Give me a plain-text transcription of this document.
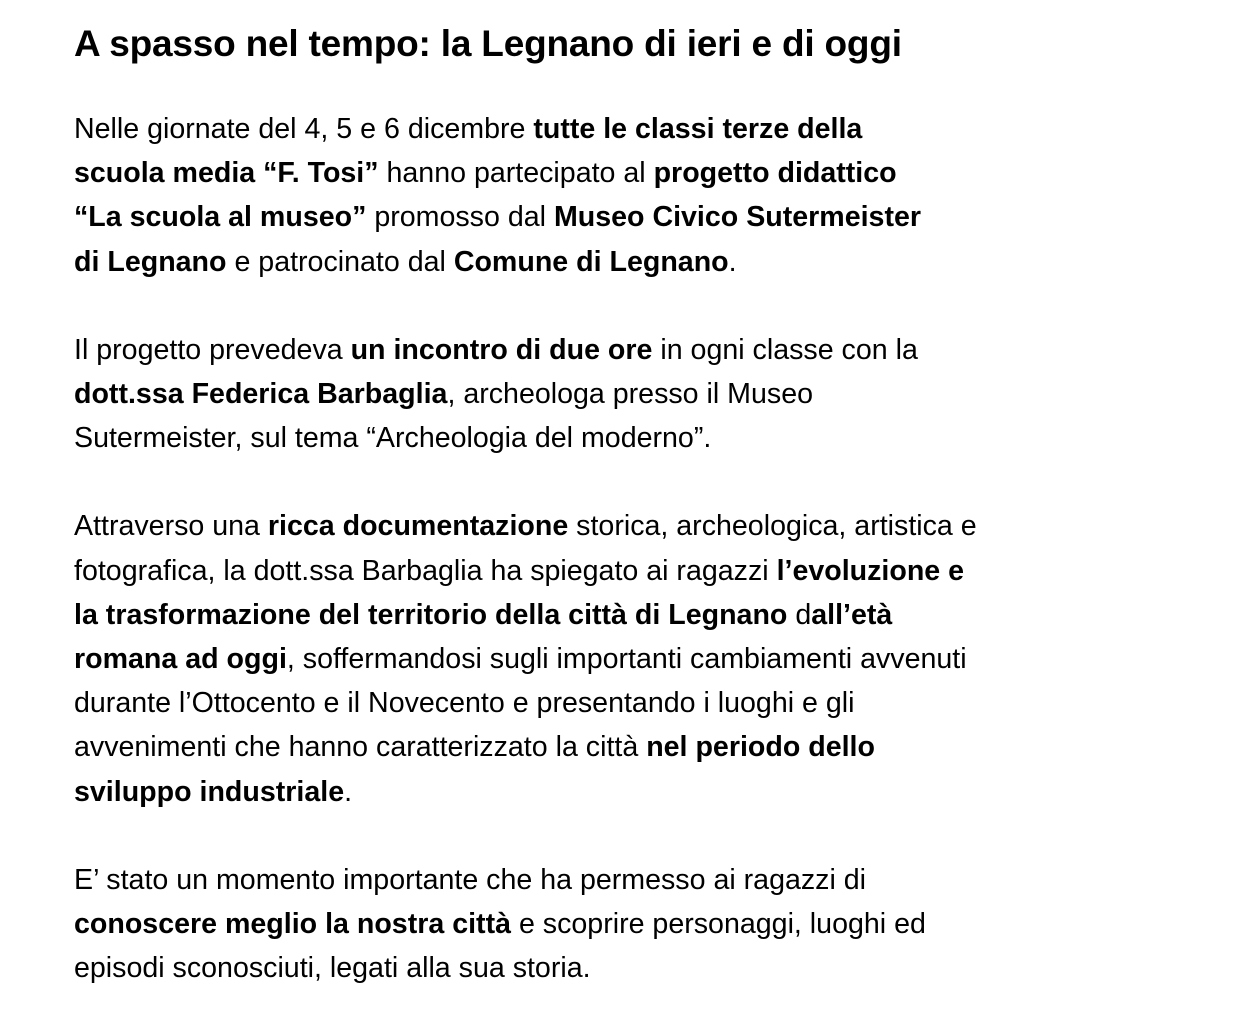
A spasso nel tempo: la Legnano di ieri e di oggi

Nelle giornate del 4, 5 e 6 dicembre tutte le classi terze della
scuola media “F. Tosi” hanno partecipato al progetto didattico
“La scuola al museo” promosso dal Museo Civico Sutermeister
di Legnano e patrocinato dal Comune di Legnano.

Il progetto prevedeva un incontro di due ore in ogni classe con la
dott.ssa Federica Barbaglia, archeologa presso il Museo
Sutermeister, sul tema “Archeologia del moderno”.

Attraverso una ricca documentazione storica, archeologica, artistica e
fotografica, la dott.ssa Barbaglia ha spiegato ai ragazzi l’evoluzione e
la trasformazione del territorio della città di Legnano dall’età
romana ad oggi, soffermandosi sugli importanti cambiamenti avvenuti
durante l’Ottocento e il Novecento e presentando i luoghi e gli
avvenimenti che hanno caratterizzato la città nel periodo dello
sviluppo industriale.

E’ stato un momento importante che ha permesso ai ragazzi di
conoscere meglio la nostra città e scoprire personaggi, luoghi ed
episodi sconosciuti, legati alla sua storia.
